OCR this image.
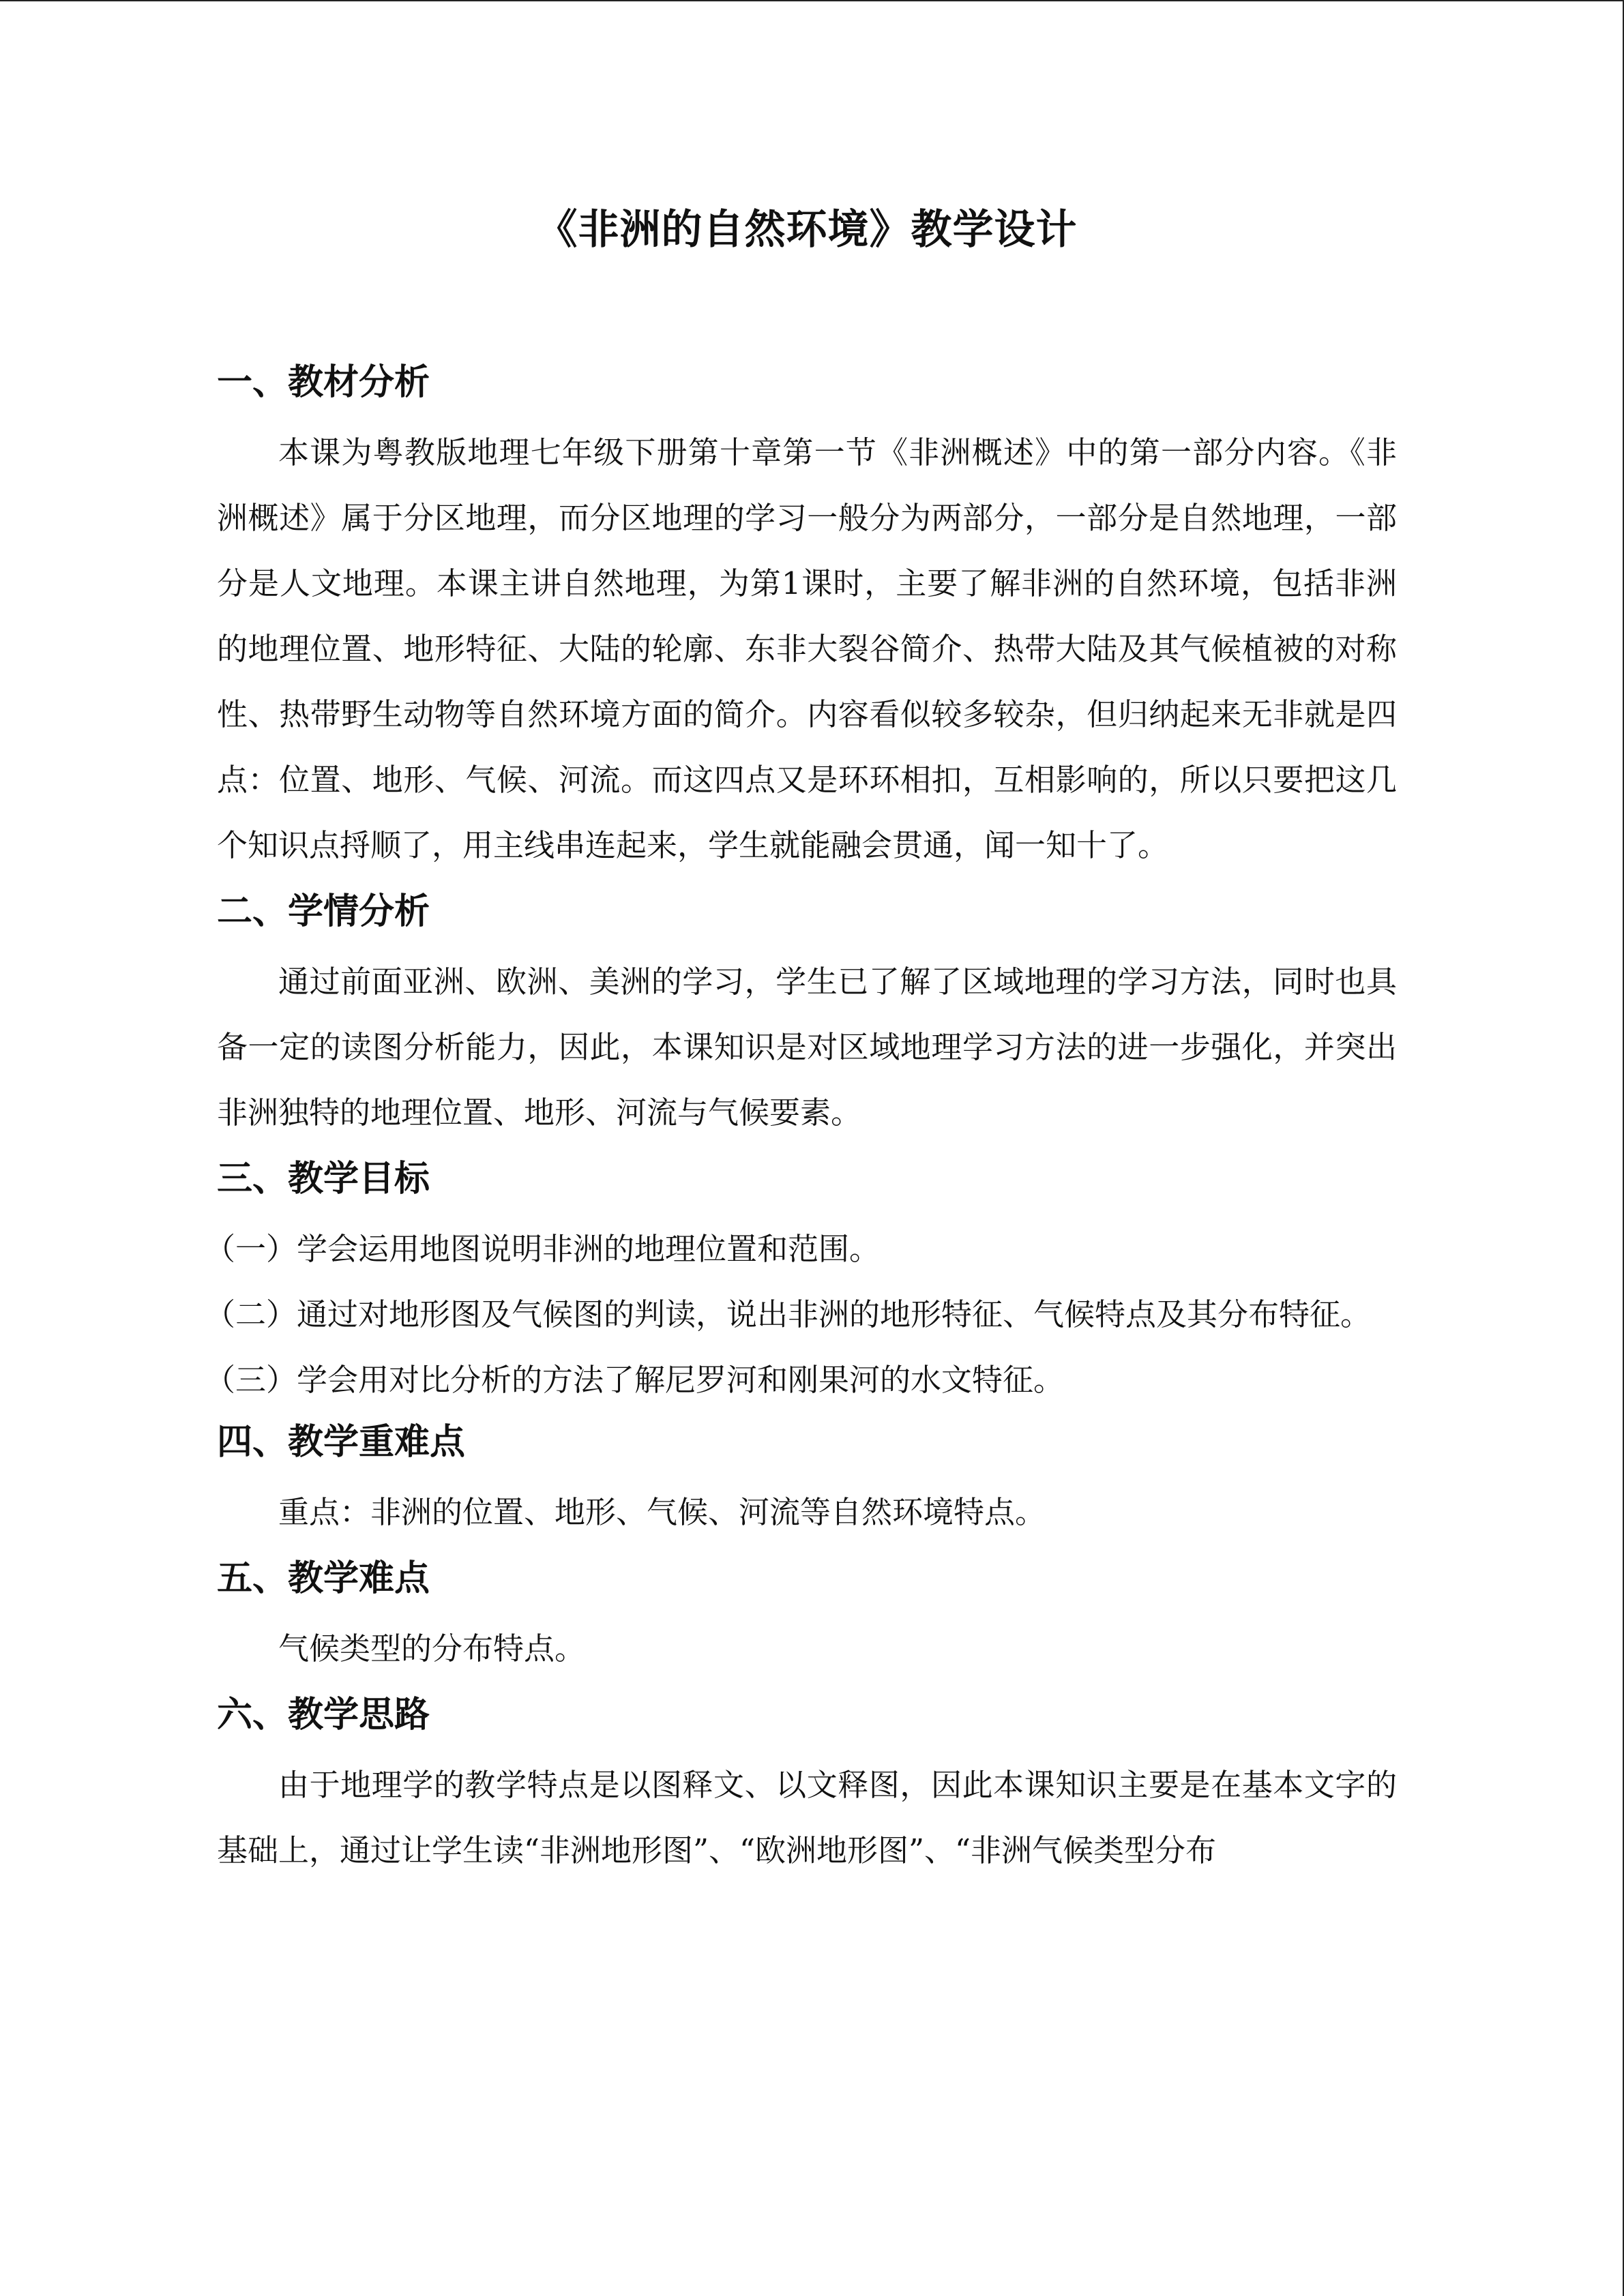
《非洲的自然环境》教学设计
一、教材分析

本课为粤教版地理七年级下册第十章第一节《非洲概述》中的第一部分内容。《非洲概述》属于分区地理，而分区地理的学习一般分为两部分，一部分是自然地理，一部分是人文地理。本课主讲自然地理，为第1课时，主要了解非洲的自然环境，包括非洲的地理位置、地形特征、大陆的轮廓、东非大裂谷简介、热带大陆及其气候植被的对称性、热带野生动物等自然环境方面的简介。内容看似较多较杂，但归纳起来无非就是四点：位置、地形、气候、河流。而这四点又是环环相扣，互相影响的，所以只要把这几个知识点捋顺了，用主线串连起来，学生就能融会贯通，闻一知十了。

二、学情分析

通过前面亚洲、欧洲、美洲的学习，学生已了解了区域地理的学习方法，同时也具备一定的读图分析能力，因此，本课知识是对区域地理学习方法的进一步强化，并突出非洲独特的地理位置、地形、河流与气候要素。

三、教学目标

（一）学会运用地图说明非洲的地理位置和范围。

（二）通过对地形图及气候图的判读，说出非洲的地形特征、气候特点及其分布特征。

（三）学会用对比分析的方法了解尼罗河和刚果河的水文特征。

四、教学重难点

重点：非洲的位置、地形、气候、河流等自然环境特点。

五、教学难点

气候类型的分布特点。

六、教学思路

由于地理学的教学特点是以图释文、以文释图，因此本课知识主要是在基本文字的基础上，通过让学生读“非洲地形图”、“欧洲地形图”、“非洲气候类型分布
